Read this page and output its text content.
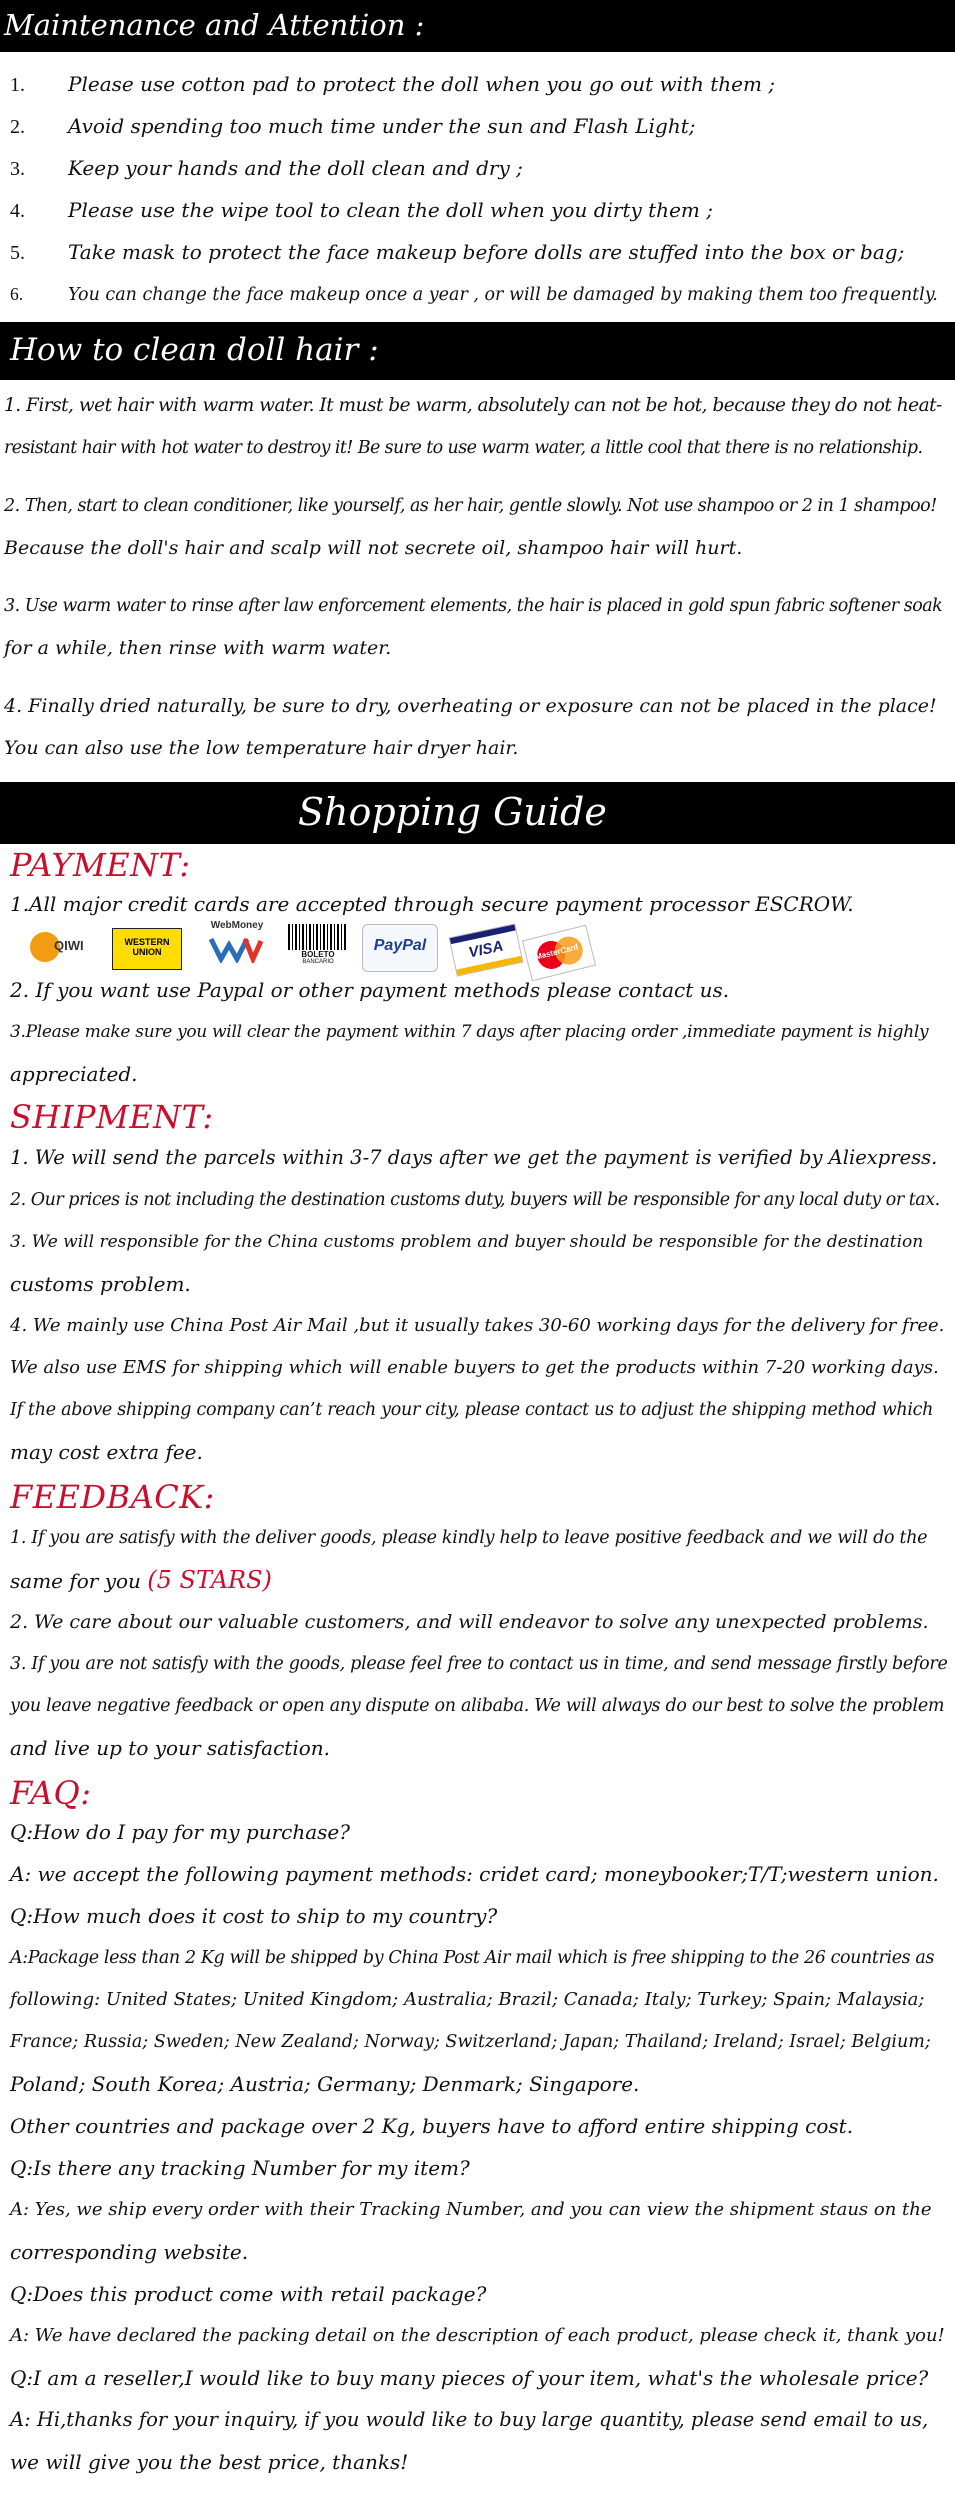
Maintenance and Attention :
1. Please use cotton pad to protect the doll when you go out with them ;
2. Avoid spending too much time under the sun and Flash Light;
3. Keep your hands and the doll clean and dry ;
4. Please use the wipe tool to clean the doll when you dirty them ;
5. Take mask to protect the face makeup before dolls are stuffed into the box or bag;
6.	You can change the face makeup once a year , or will be damaged by making them too frequently.
How to clean doll hair :
1. First, wet hair with warm water. It must be warm, absolutely can not be hot, because they do not heat-
resistant hair with hot water to destroy it! Be sure to use warm water, a little cool that there is no relationship.
2. Then, start to clean conditioner, like yourself, as her hair, gentle slowly. Not use shampoo or 2 in 1 shampoo!
Because the doll's hair and scalp will not secrete oil, shampoo hair will hurt.
3. Use warm water to rinse after law enforcement elements, the hair is placed in gold spun fabric softener soak
for a while, then rinse with warm water.
4. Finally dried naturally, be sure to dry, overheating or exposure can not be placed in the place!
You can also use the low temperature hair dryer hair.
Shopping Guide
PAYMENT:
1.All major credit cards are accepted through secure payment processor ESCROW.
QIWI	WESTERN
UNION
WebMoney
BOLETO
BANCARIO
PayPal	VISA	MasterCard
2. If you want use Paypal or other payment methods please contact us.
3.Please make sure you will clear the payment within 7 days after placing order ,immediate payment is highly
appreciated.
SHIPMENT:
1. We will send the parcels within 3-7 days after we get the payment is verified by Aliexpress.
2. Our prices is not including the destination customs duty, buyers will be responsible for any local duty or tax.
3. We will responsible for the China customs problem and buyer should be responsible for the destination
customs problem.
4. We mainly use China Post Air Mail ,but it usually takes 30-60 working days for the delivery for free.
We also use EMS for shipping which will enable buyers to get the products within 7-20 working days.
If the above shipping company can’t reach your city, please contact us to adjust the shipping method which
may cost extra fee.
FEEDBACK:
1. If you are satisfy with the deliver goods, please kindly help to leave positive feedback and we will do the
same for you (5 STARS)
2. We care about our valuable customers, and will endeavor to solve any unexpected problems.
3. If you are not satisfy with the goods, please feel free to contact us in time, and send message firstly before
you leave negative feedback or open any dispute on alibaba. We will always do our best to solve the problem
and live up to your satisfaction.
FAQ:
Q:How do I pay for my purchase?
A: we accept the following payment methods: cridet card; moneybooker;T/T;western union.
Q:How much does it cost to ship to my country?
A:Package less than 2 Kg will be shipped by China Post Air mail which is free shipping to the 26 countries as
following: United States; United Kingdom; Australia; Brazil; Canada; Italy; Turkey; Spain; Malaysia;
France; Russia; Sweden; New Zealand; Norway; Switzerland; Japan; Thailand; Ireland; Israel; Belgium;
Poland; South Korea; Austria; Germany; Denmark; Singapore.
Other countries and package over 2 Kg, buyers have to afford entire shipping cost.
Q:Is there any tracking Number for my item?
A: Yes, we ship every order with their Tracking Number, and you can view the shipment staus on the
corresponding website.
Q:Does this product come with retail package?
A: We have declared the packing detail on the description of each product, please check it, thank you!
Q:I am a reseller,I would like to buy many pieces of your item, what's the wholesale price?
A: Hi,thanks for your inquiry, if you would like to buy large quantity, please send email to us,
we will give you the best price, thanks!
